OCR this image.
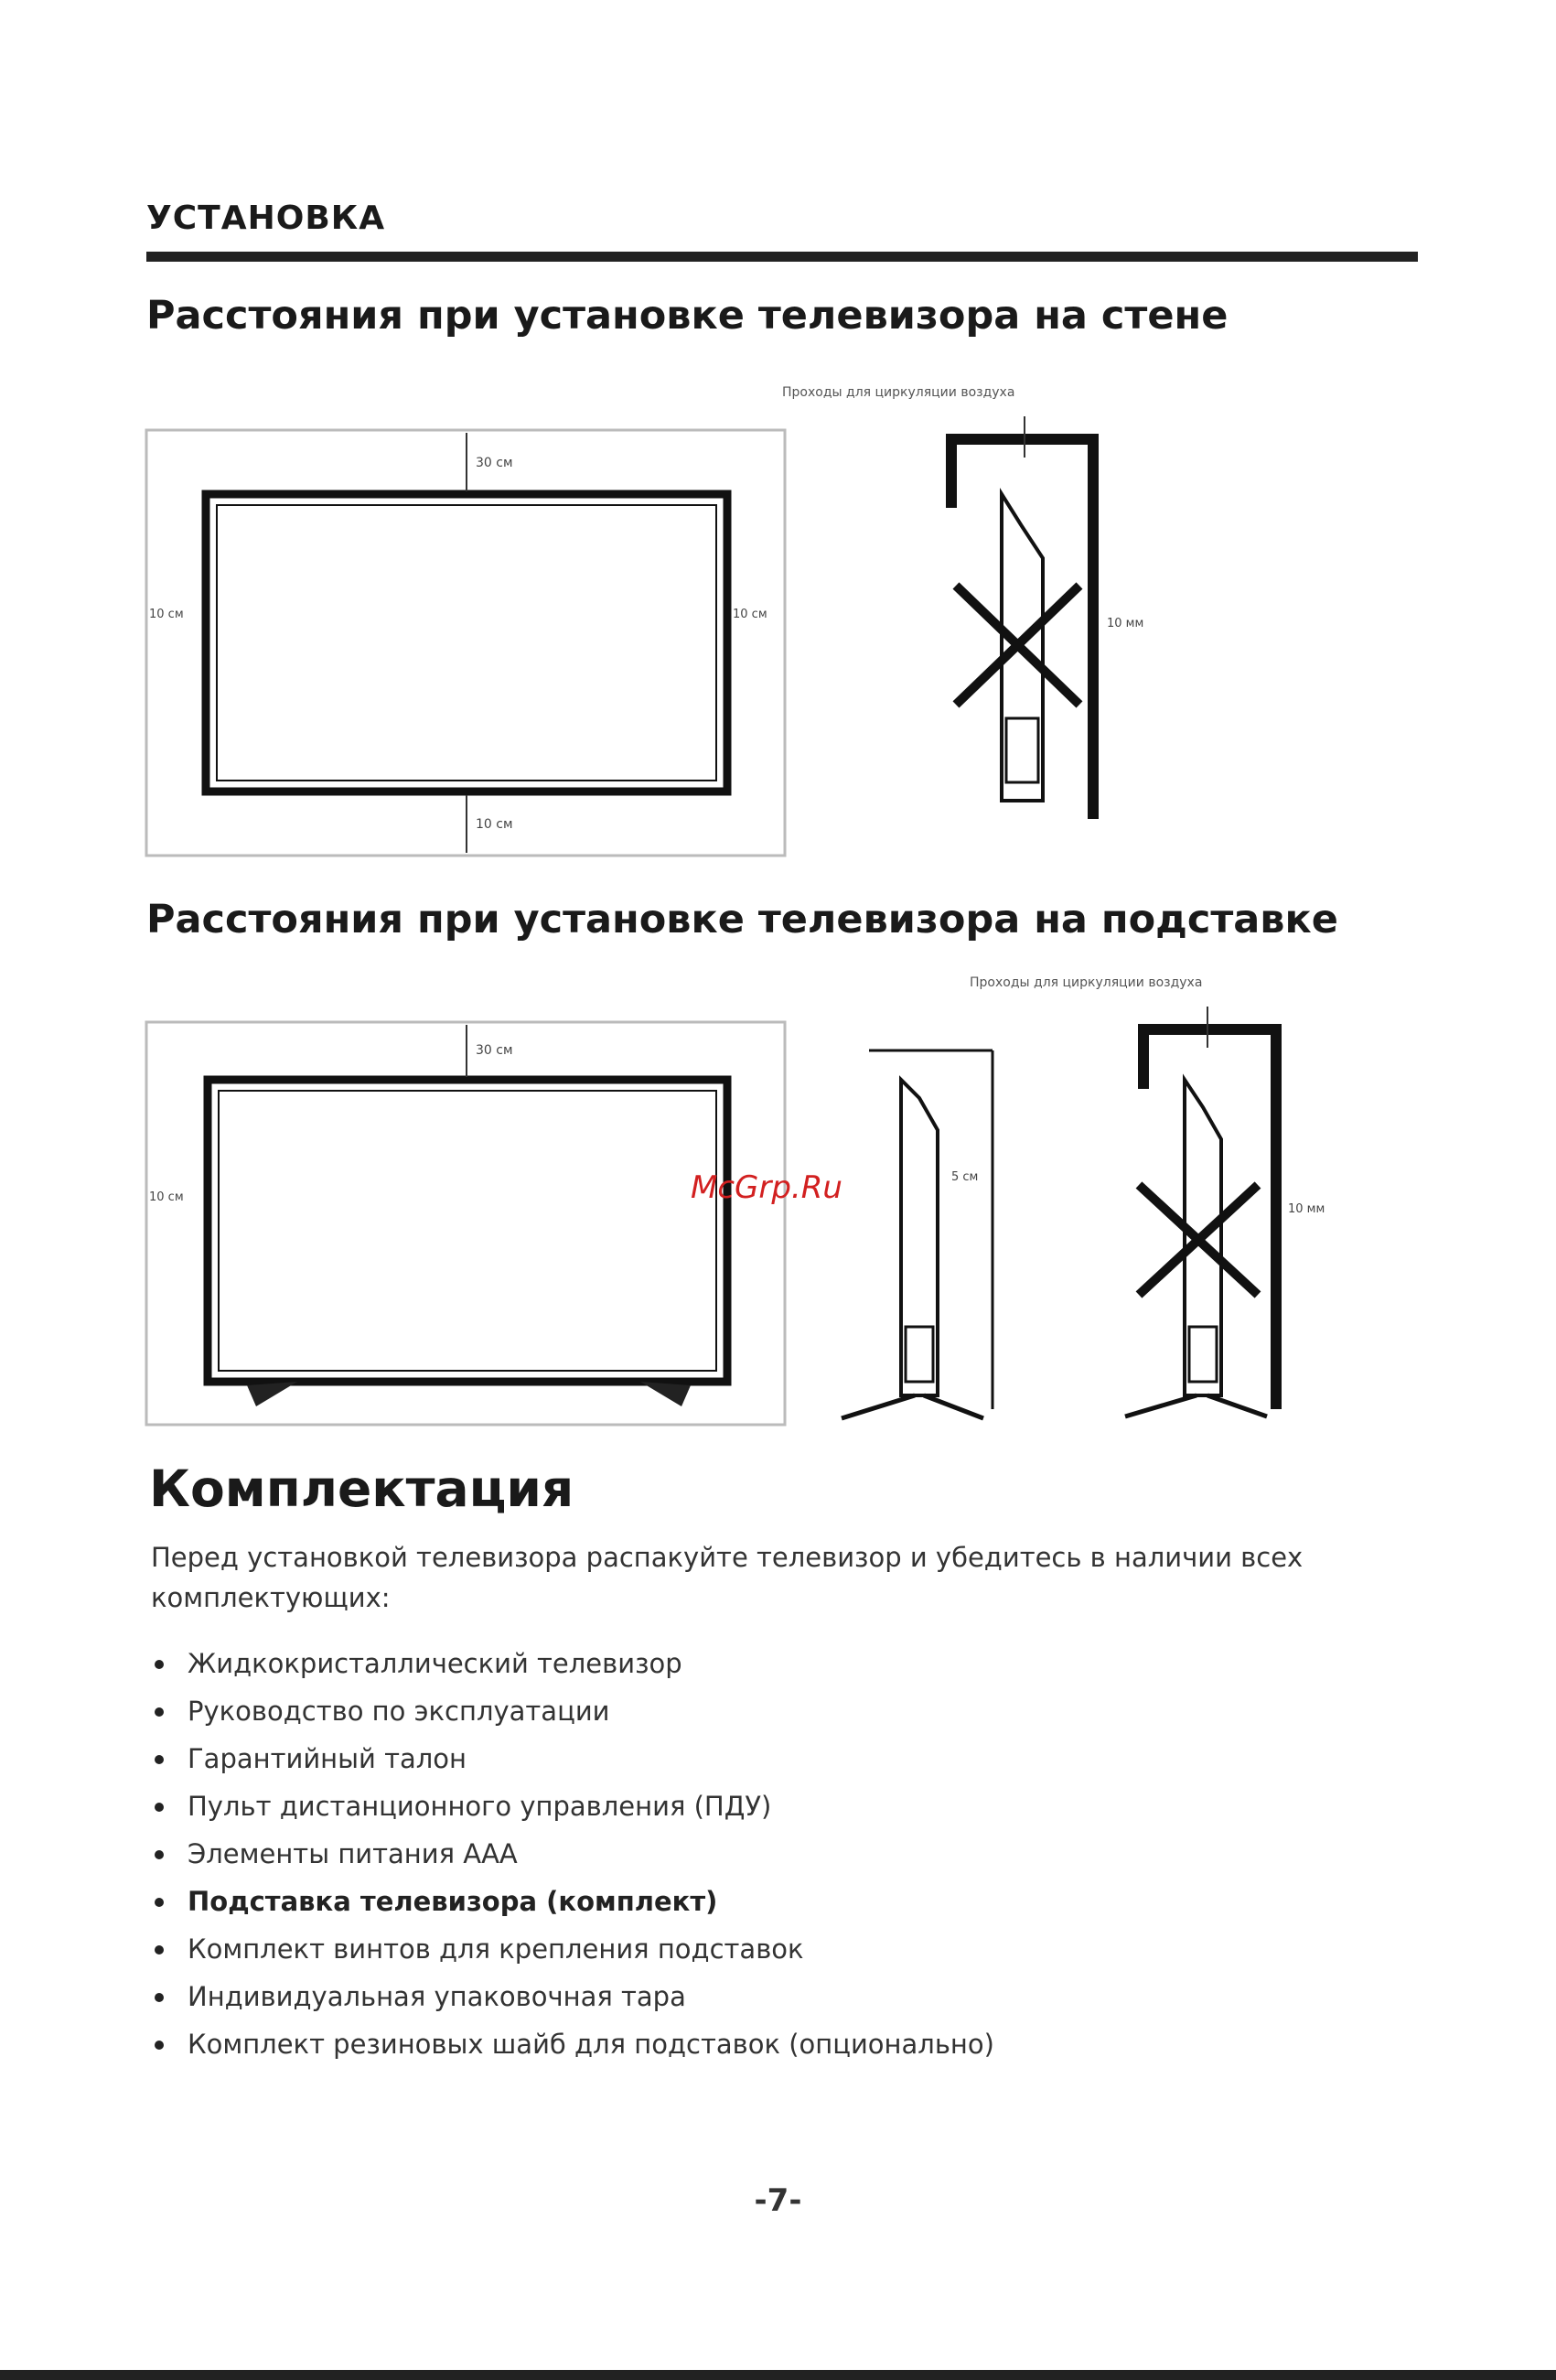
УСТАНОВКА
Расстояния при установке телевизора на стене
30 см
10 см
10 см	10 см
Проходы для циркуляции воздуха
10 мм
Расстояния при установке телевизора на подставке
30 см
10 см
5 см
Проходы для циркуляции воздуха
10 мм
McGrp.Ru
Комплектация
Перед установкой телевизора распакуйте телевизор и убедитесь в наличии всех комплектующих:
Жидкокристаллический телевизор
Руководство по эксплуатации
Гарантийный талон
Пульт дистанционного управления (ПДУ)
Элементы питания ААА
Подставка телевизора (комплект)
Комплект винтов для крепления подставок
Индивидуальная упаковочная тара
Комплект резиновых шайб для подставок (опционально)
-7-
